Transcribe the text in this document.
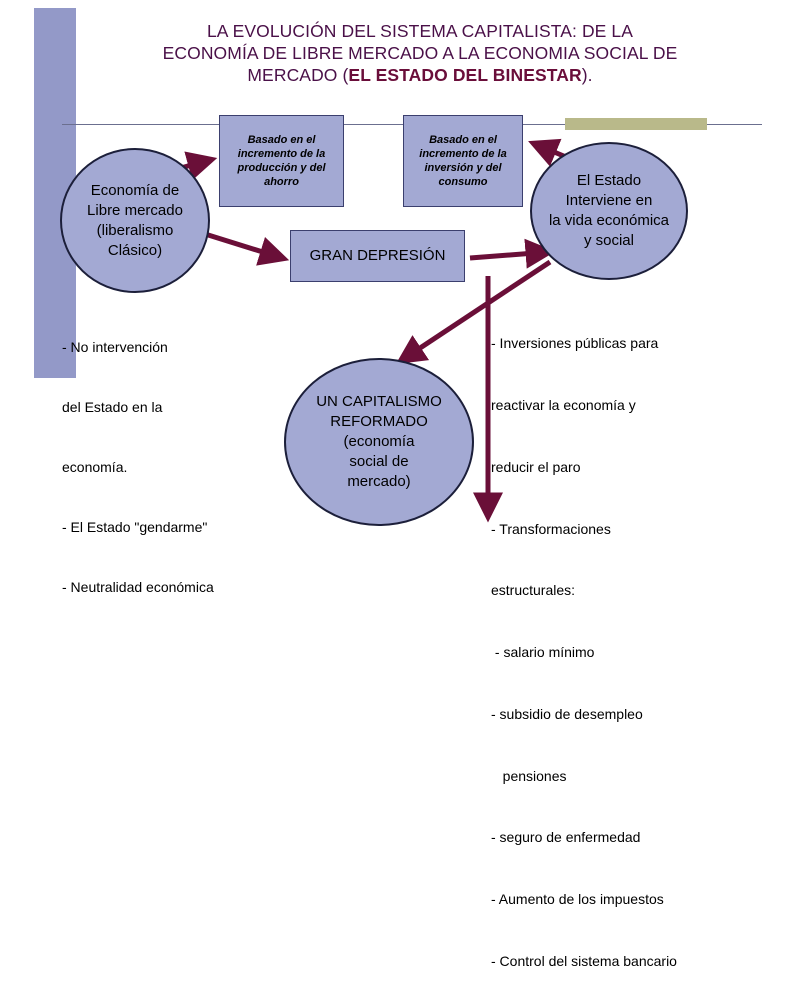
LA EVOLUCIÓN DEL SISTEMA CAPITALISTA: DE LA
ECONOMÍA DE LIBRE MERCADO A LA ECONOMIA SOCIAL DE
MERCADO (EL ESTADO DEL BINESTAR).
Basado en el incremento de la producción y del ahorro
Basado en el incremento de la inversión y del consumo
GRAN DEPRESIÓN
Economía de
Libre mercado
(liberalismo
Clásico)
El Estado
Interviene en
la vida económica
y social
UN CAPITALISMO
REFORMADO
(economía
social de
mercado)

- No intervención

del Estado en la

economía.

- El Estado "gendarme"

- Neutralidad económica

- Inversiones públicas para

reactivar la economía y

reducir el paro

- Transformaciones

estructurales:

- salario mínimo

- subsidio de desempleo

pensiones

- seguro de enfermedad

- Aumento de los impuestos

- Control del sistema bancario
